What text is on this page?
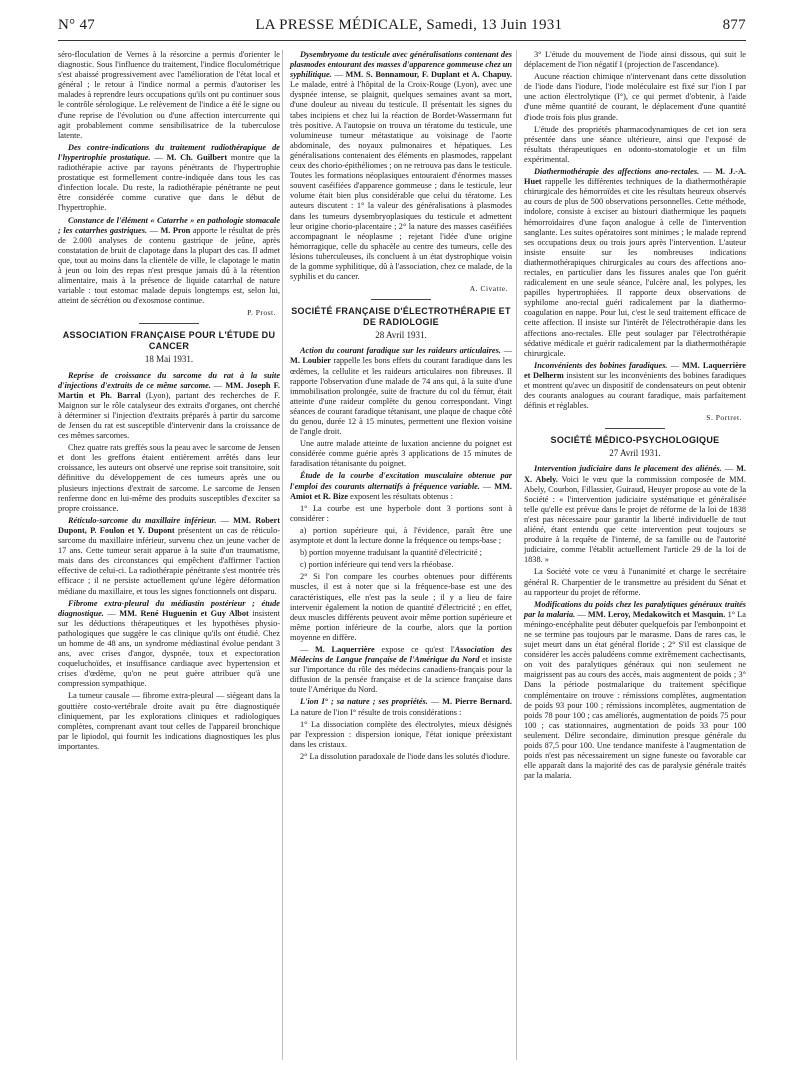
N° 47	LA PRESSE MÉDICALE, Samedi, 13 Juin 1931	877

séro-floculation de Vernes à la résorcine a permis d'orienter le diagnostic. Sous l'influence du traitement, l'indice floculométrique s'est abaissé progressivement avec l'amélioration de l'état local et général ; le retour à l'indice normal a permis d'autoriser les malades à reprendre leurs occupations qu'ils ont pu continuer sous le contrôle sérologique. Le relèvement de l'indice a été le signe ou d'une reprise de l'évolution ou d'une affection intercurrente qui agit probablement comme sensibilisatrice de la tuberculose latente.

Des contre-indications du traitement radiothérapique de l'hypertrophie prostatique. — M. Ch. Guilbert montre que la radiothérapie active par rayons pénétrants de l'hypertrophie prostatique est formellement contre-indiquée dans tous les cas d'infection locale. Du reste, la radiothérapie pénétrante ne peut être considérée comme curative que dans le début de l'hypertrophie.

Constance de l'élément « Catarrhe » en pathologie stomacale ; les catarrhes gastriques. — M. Pron apporte le résultat de près de 2.000 analyses de contenu gastrique de jeûne, après constatation de bruit de clapotage dans la plupart des cas. Il admet que, tout au moins dans la clientèle de ville, le clapotage le matin à jeun ou loin des repas n'est presque jamais dû à la rétention alimentaire, mais à la présence de liquide catarrhal de nature variable : tout estomac malade depuis longtemps est, selon lui, atteint de sécrétion ou d'exosmose continue.

P. Prost.
ASSOCIATION FRANÇAISE POUR L'ÉTUDE DU CANCER
18 Mai 1931.

Reprise de croissance du sarcome du rat à la suite d'injections d'extraits de ce même sarcome. — MM. Joseph F. Martin et Ph. Barral (Lyon), partant des recherches de F. Maignon sur le rôle catalyseur des extraits d'organes, ont cherché à déterminer si l'injection d'extraits préparés à partir du sarcome de Jensen du rat est susceptible d'intervenir dans la croissance de ces mêmes sarcomes.

Chez quatre rats greffés sous la peau avec le sarcome de Jensen et dont les greffons étaient entièrement arrêtés dans leur croissance, les auteurs ont observé une reprise soit transitoire, soit définitive du développement de ces tumeurs après une ou plusieurs injections d'extrait de sarcome. Le sarcome de Jensen renferme donc en lui-même des produits susceptibles d'exciter sa propre croissance.

Réticulo-sarcome du maxillaire inférieur. — MM. Robert Dupont, P. Foulon et Y. Dupont présentent un cas de réticulo-sarcome du maxillaire inférieur, survenu chez un jeune vacher de 17 ans. Cette tumeur serait apparue à la suite d'un traumatisme, mais dans des circonstances qui empêchent d'affirmer l'action effective de celui-ci. La radiothérapie pénétrante s'est montrée très efficace ; il ne persiste actuellement qu'une légère déformation médiane du maxillaire, et tous les signes fonctionnels ont disparu.

Fibrome extra-pleural du médiastin postérieur ; étude diagnostique. — MM. René Huguenin et Guy Albot insistent sur les déductions thérapeutiques et les hypothèses physio-pathologiques que suggère le cas clinique qu'ils ont étudié. Chez un homme de 48 ans, un syndrome médiastinal évolue pendant 3 ans, avec crises d'angor, dyspnée, toux et expectoration coqueluchoïdes, et insuffisance cardiaque avec hypertension et crises d'œdème, qu'on ne peut guère attribuer qu'à une compression sympathique.

La tumeur causale — fibrome extra-pleural — siégeant dans la gouttière costo-vertébrale droite avait pu être diagnostiquée cliniquement, par les explorations cliniques et radiologiques complètes, comprenant avant tout celles de l'appareil bronchique par le lipiodol, qui fournit les indications diagnostiques les plus importantes.

Dysembryome du testicule avec généralisations contenant des plasmodes entourant des masses d'apparence gommeuse chez un syphilitique. — MM. S. Bonnamour, F. Duplant et A. Chapuy. Le malade, entré à l'hôpital de la Croix-Rouge (Lyon), avec une dyspnée intense, se plaignit, quelques semaines avant sa mort, d'une douleur au niveau du testicule. Il présentait les signes du tabes incipiens et chez lui la réaction de Bordet-Wassermann fut très positive. A l'autopsie on trouva un tératome du testicule, une volumineuse tumeur métastatique au voisinage de l'aorte abdominale, des noyaux pulmonaires et hépatiques. Les généralisations contenaient des éléments en plasmodes, rappelant ceux des chorio-épithéliomes ; on ne retrouva pas dans le testicule. Toutes les formations néoplasiques entouraient d'énormes masses souvent caséifiées d'apparence gommeuse ; dans le testicule, leur volume était bien plus considérable que celui du tératome. Les auteurs discutent : 1° la valeur des généralisations à plasmodes dans les tumeurs dysembryoplasiques du testicule et admettent leur origine chorio-placentaire ; 2° la nature des masses caséifiées accompagnant le néoplasme ; rejetant l'idée d'une origine hémorragique, celle du sphacèle au centre des tumeurs, celle des lésions tuberculeuses, ils concluent à un état dystrophique voisin de la gomme syphilitique, dû à l'association, chez ce malade, de la syphilis et du cancer.

A. Civatte.
SOCIÉTÉ FRANÇAISE D'ÉLECTROTHÉRAPIE ET DE RADIOLOGIE
28 Avril 1931.

Action du courant faradique sur les raideurs articulaires. — M. Loubier rappelle les bons effets du courant faradique dans les œdèmes, la cellulite et les raideurs articulaires non fibreuses. Il rapporte l'observation d'une malade de 74 ans qui, à la suite d'une immobilisation prolongée, suite de fracture du col du fémur, était atteinte d'une raideur complète du genou correspondant. Vingt séances de courant faradique tétanisant, une plaque de chaque côté du genou, durée 12 à 15 minutes, permettent une flexion voisine de l'angle droit.

Une autre malade atteinte de luxation ancienne du poignet est considérée comme guérie après 3 applications de 15 minutes de faradisation tétanisante du poignet.

Étude de la courbe d'excitation musculaire obtenue par l'emploi des courants alternatifs à fréquence variable. — MM. Amiot et R. Bize exposent les résultats obtenus :

1° La courbe est une hyperbole dont 3 portions sont à considérer :

a) portion supérieure qui, à l'évidence, paraît être une asymptote et dont la lecture donne la fréquence ou temps-base ;

b) portion moyenne traduisant la quantité d'électricité ;

c) portion inférieure qui tend vers la rhéobase.

2° Si l'on compare les courbes obtenues pour différents muscles, il est à noter que si la fréquence-base est une des caractéristiques, elle n'est pas la seule ; il y a lieu de faire intervenir également la notion de quantité d'électricité ; en effet, deux muscles différents peuvent avoir même portion supérieure et même portion inférieure de la courbe, alors que la portion moyenne en diffère.

— M. Laquerrière expose ce qu'est l'Association des Médecins de Langue française de l'Amérique du Nord et insiste sur l'importance du rôle des médecins canadiens-français pour la diffusion de la pensée française et de la science française dans toute l'Amérique du Nord.

L'ion I° ; sa nature ; ses propriétés. — M. Pierre Bernard. La nature de l'ion I° résulte de trois considérations :

1° La dissociation complète des électrolytes, mieux désignés par l'expression : dispersion ionique, l'état ionique préexistant dans les cristaux.

2° La dissolution paradoxale de l'iode dans les solutés d'iodure.

3° L'étude du mouvement de l'iode ainsi dissous, qui suit le déplacement de l'ion négatif I (projection de l'ascendance).

Aucune réaction chimique n'intervenant dans cette dissolution de l'iode dans l'iodure, l'iode moléculaire est fixé sur l'ion I par une action électrolytique (I°), ce qui permet d'obtenir, à l'aide d'une même quantité de courant, le déplacement d'une quantité d'iode trois fois plus grande.

L'étude des propriétés pharmacodynamiques de cet ion sera présentée dans une séance ultérieure, ainsi que l'exposé de résultats thérapeutiques en odonto-stomatologie et un film expérimental.

Diathermothérapie des affections ano-rectales. — M. J.-A. Huet rappelle les différentes techniques de la diathermothérapie chirurgicale des hémorroïdes et cite les résultats heureux observés au cours de plus de 500 observations personnelles. Cette méthode, indolore, consiste à exciser au bistouri diathermique les paquets hémorroïdaires d'une façon analogue à celle de l'intervention sanglante. Les suites opératoires sont minimes ; le malade reprend ses occupations deux ou trois jours après l'intervention. L'auteur insiste ensuite sur les nombreuses indications diathermothérapiques chirurgicales au cours des affections ano-rectales, en particulier dans les fissures anales que l'on guérit radicalement en une seule séance, l'ulcère anal, les polypes, les papilles hypertrophiées. Il rapporte deux observations de syphilome ano-rectal guéri radicalement par la diathermo-coagulation en nappe. Pour lui, c'est le seul traitement efficace de cette affection. Il insiste sur l'intérêt de l'électrothérapie dans les affections ano-rectales. Elle peut soulager par l'électrothérapie sédative médicale et guérir radicalement par la diathermothérapie chirurgicale.

Inconvénients des bobines faradiques. — MM. Laquerrière et Delherm insistent sur les inconvénients des bobines faradiques et montrent qu'avec un dispositif de condensateurs on peut obtenir des courants analogues au courant faradique, mais parfaitement définis et réglables.

S. Portret.
SOCIÉTÉ MÉDICO-PSYCHOLOGIQUE
27 Avril 1931.

Intervention judiciaire dans le placement des aliénés. — M. X. Abely. Voici le vœu que la commission composée de MM. Abely, Courbon, Fillassier, Guiraud, Heuyer propose au vote de la Société : « l'intervention judiciaire systématique et généralisée telle qu'elle est prévue dans le projet de réforme de la loi de 1838 n'est pas nécessaire pour garantir la liberté individuelle de tout aliéné, étant entendu que cette intervention peut toujours se produire à la requête de l'interné, de sa famille ou de l'autorité judiciaire, comme l'établit actuellement l'article 29 de la loi de 1838. »

La Société vote ce vœu à l'unanimité et charge le secrétaire général R. Charpentier de le transmettre au président du Sénat et au rapporteur du projet de réforme.

Modifications du poids chez les paralytiques généraux traités par la malaria. — MM. Leroy, Medakowitch et Masquin. 1° La méningo-encéphalite peut débuter quelquefois par l'embonpoint et ne se termine pas toujours par le marasme. Dans de rares cas, le sujet meurt dans un état général floride ; 2° S'il est classique de considérer les accès paludéens comme extrêmement cachectisants, on voit des paralytiques généraux qui non seulement ne maigrissent pas au cours des accès, mais augmentent de poids ; 3° Dans la période postmalarique du traitement spécifique complémentaire on trouve : rémissions complètes, augmentation de poids 93 pour 100 ; rémissions incomplètes, augmentation de poids 78 pour 100 ; cas améliorés, augmentation de poids 75 pour 100 ; cas stationnaires, augmentation de poids 33 pour 100 seulement. Délire secondaire, diminution presque générale du poids 87,5 pour 100. Une tendance manifeste à l'augmentation de poids n'est pas nécessairement un signe funeste ou favorable car elle apparaît dans la majorité des cas de paralysie générale traités par la malaria.
